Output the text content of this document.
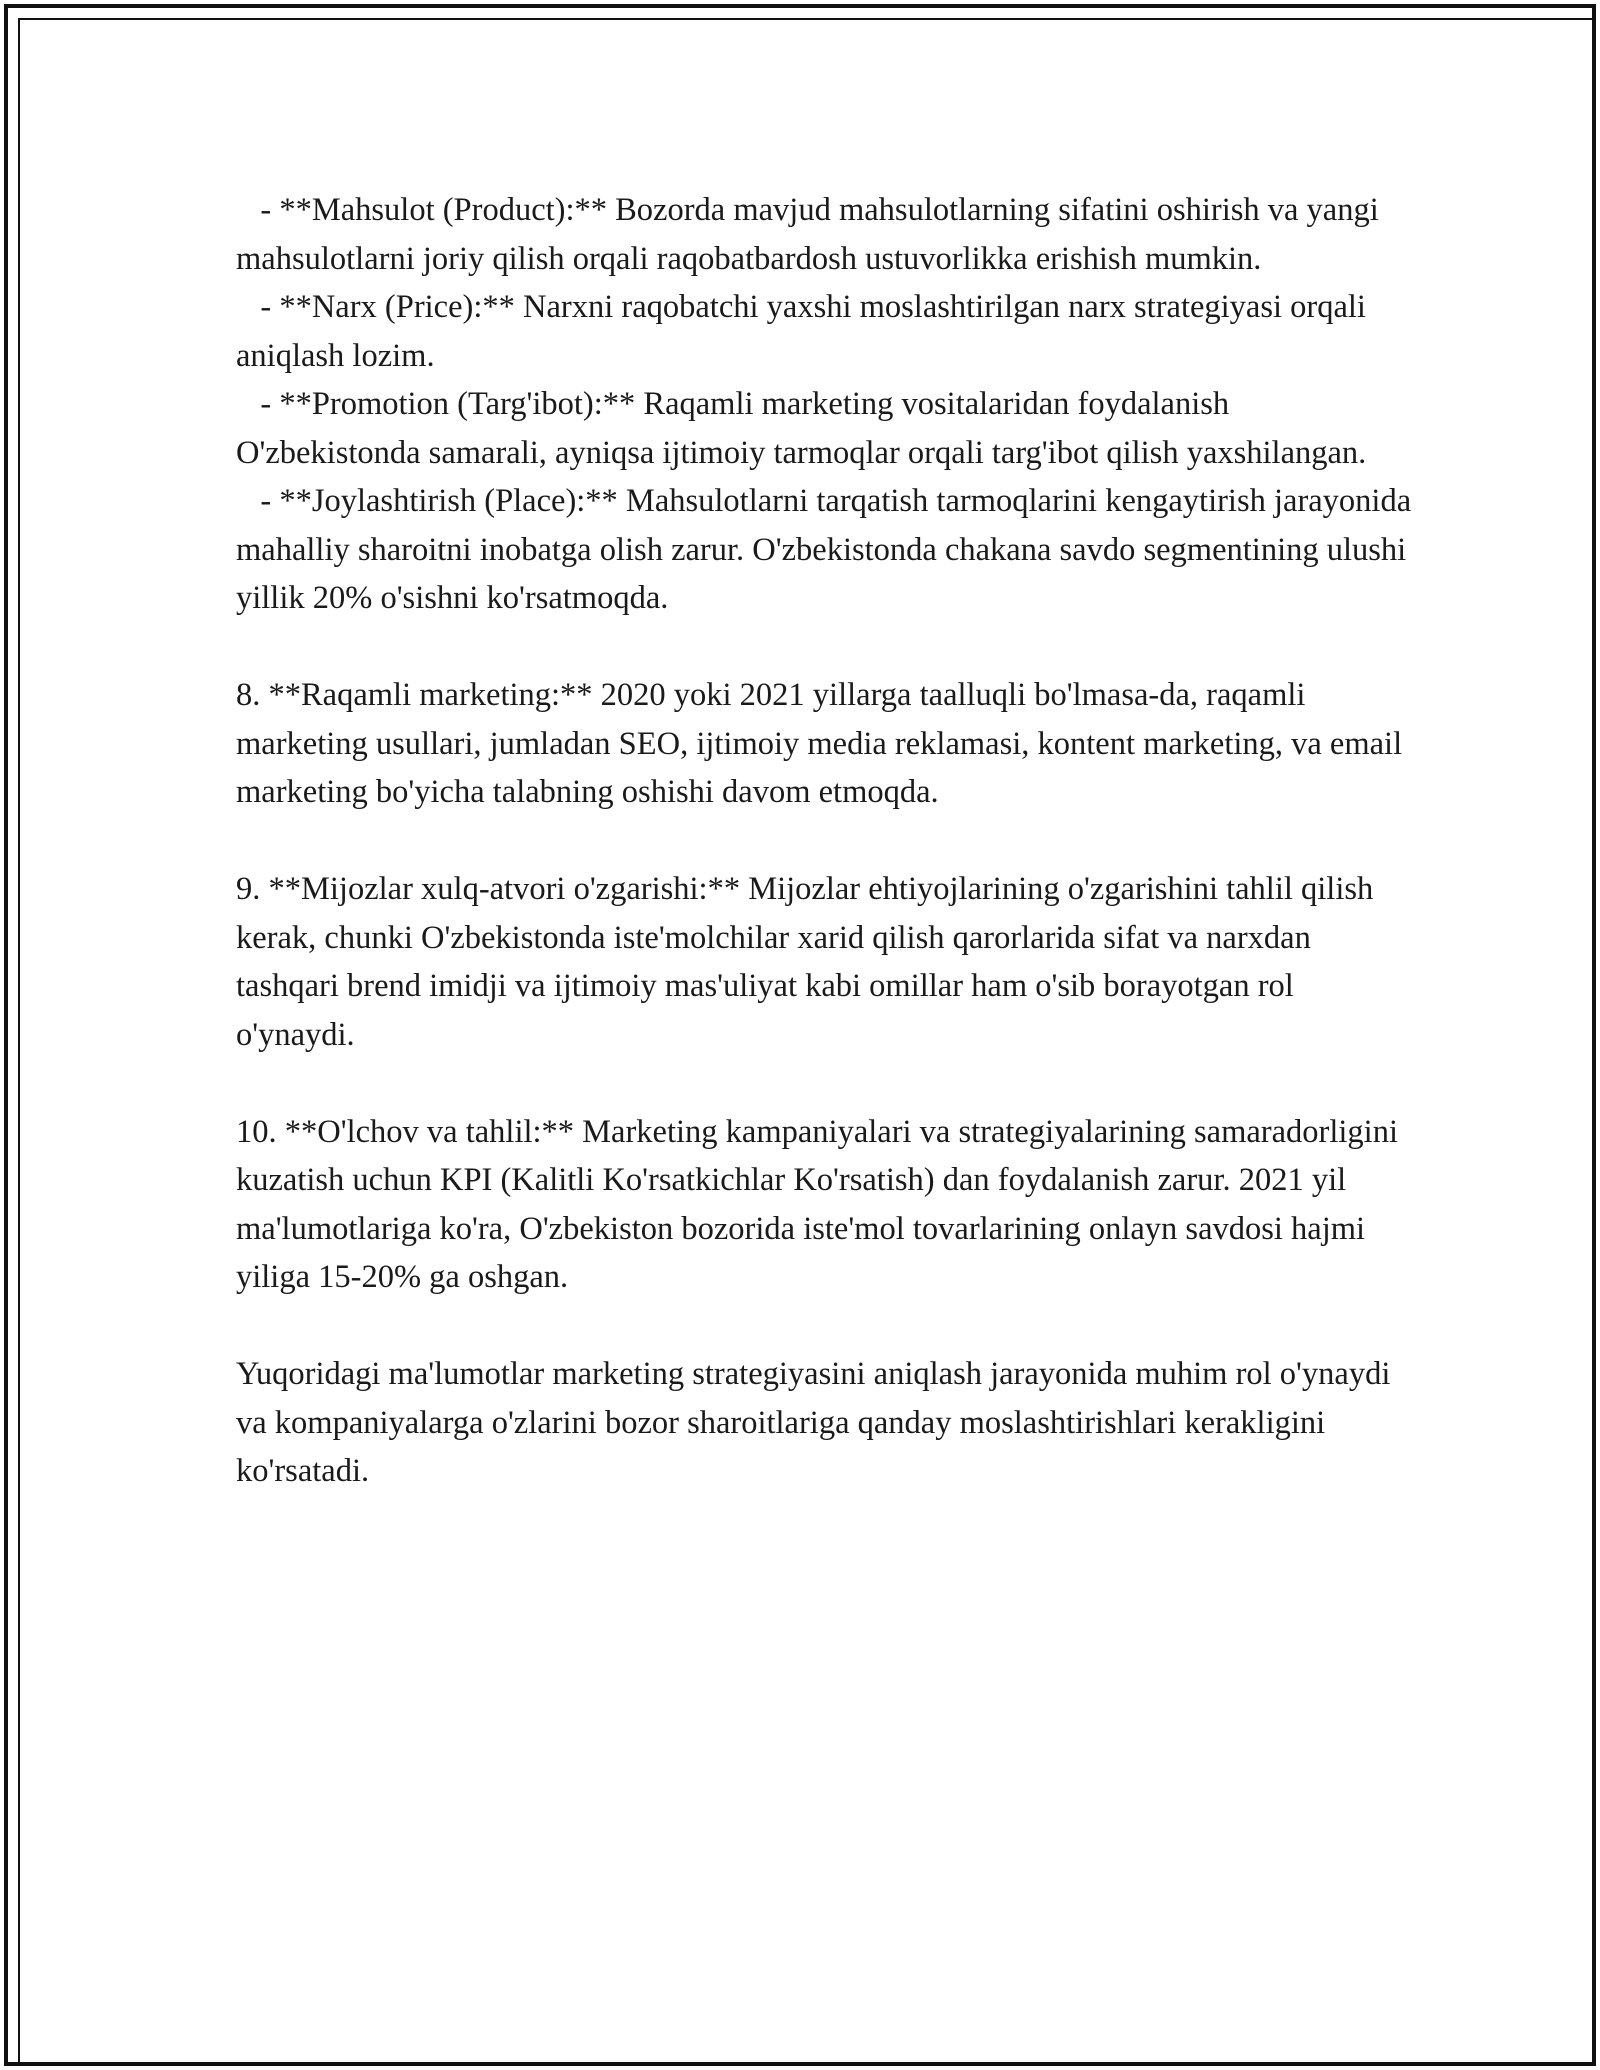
- **Mahsulot (Product):** Bozorda mavjud mahsulotlarning sifatini oshirish va yangi mahsulotlarni joriy qilish orqali raqobatbardosh ustuvorlikka erishish mumkin.

- **Narx (Price):** Narxni raqobatchi yaxshi moslashtirilgan narx strategiyasi orqali aniqlash lozim.

- **Promotion (Targ'ibot):** Raqamli marketing vositalaridan foydalanish O'zbekistonda samarali, ayniqsa ijtimoiy tarmoqlar orqali targ'ibot qilish yaxshilangan.

- **Joylashtirish (Place):** Mahsulotlarni tarqatish tarmoqlarini kengaytirish jarayonida mahalliy sharoitni inobatga olish zarur. O'zbekistonda chakana savdo segmentining ulushi yillik 20% o'sishni ko'rsatmoqda.

8. **Raqamli marketing:** 2020 yoki 2021 yillarga taalluqli bo'lmasa-da, raqamli marketing usullari, jumladan SEO, ijtimoiy media reklamasi, kontent marketing, va email marketing bo'yicha talabning oshishi davom etmoqda.

9. **Mijozlar xulq-atvori o'zgarishi:** Mijozlar ehtiyojlarining o'zgarishini tahlil qilish kerak, chunki O'zbekistonda iste'molchilar xarid qilish qarorlarida sifat va narxdan tashqari brend imidji va ijtimoiy mas'uliyat kabi omillar ham o'sib borayotgan rol o'ynaydi.

10. **O'lchov va tahlil:** Marketing kampaniyalari va strategiyalarining samaradorligini kuzatish uchun KPI (Kalitli Ko'rsatkichlar Ko'rsatish) dan foydalanish zarur. 2021 yil ma'lumotlariga ko'ra, O'zbekiston bozorida iste'mol tovarlarining onlayn savdosi hajmi yiliga 15-20% ga oshgan.

Yuqoridagi ma'lumotlar marketing strategiyasini aniqlash jarayonida muhim rol o'ynaydi va kompaniyalarga o'zlarini bozor sharoitlariga qanday moslashtirishlari kerakligini ko'rsatadi.
